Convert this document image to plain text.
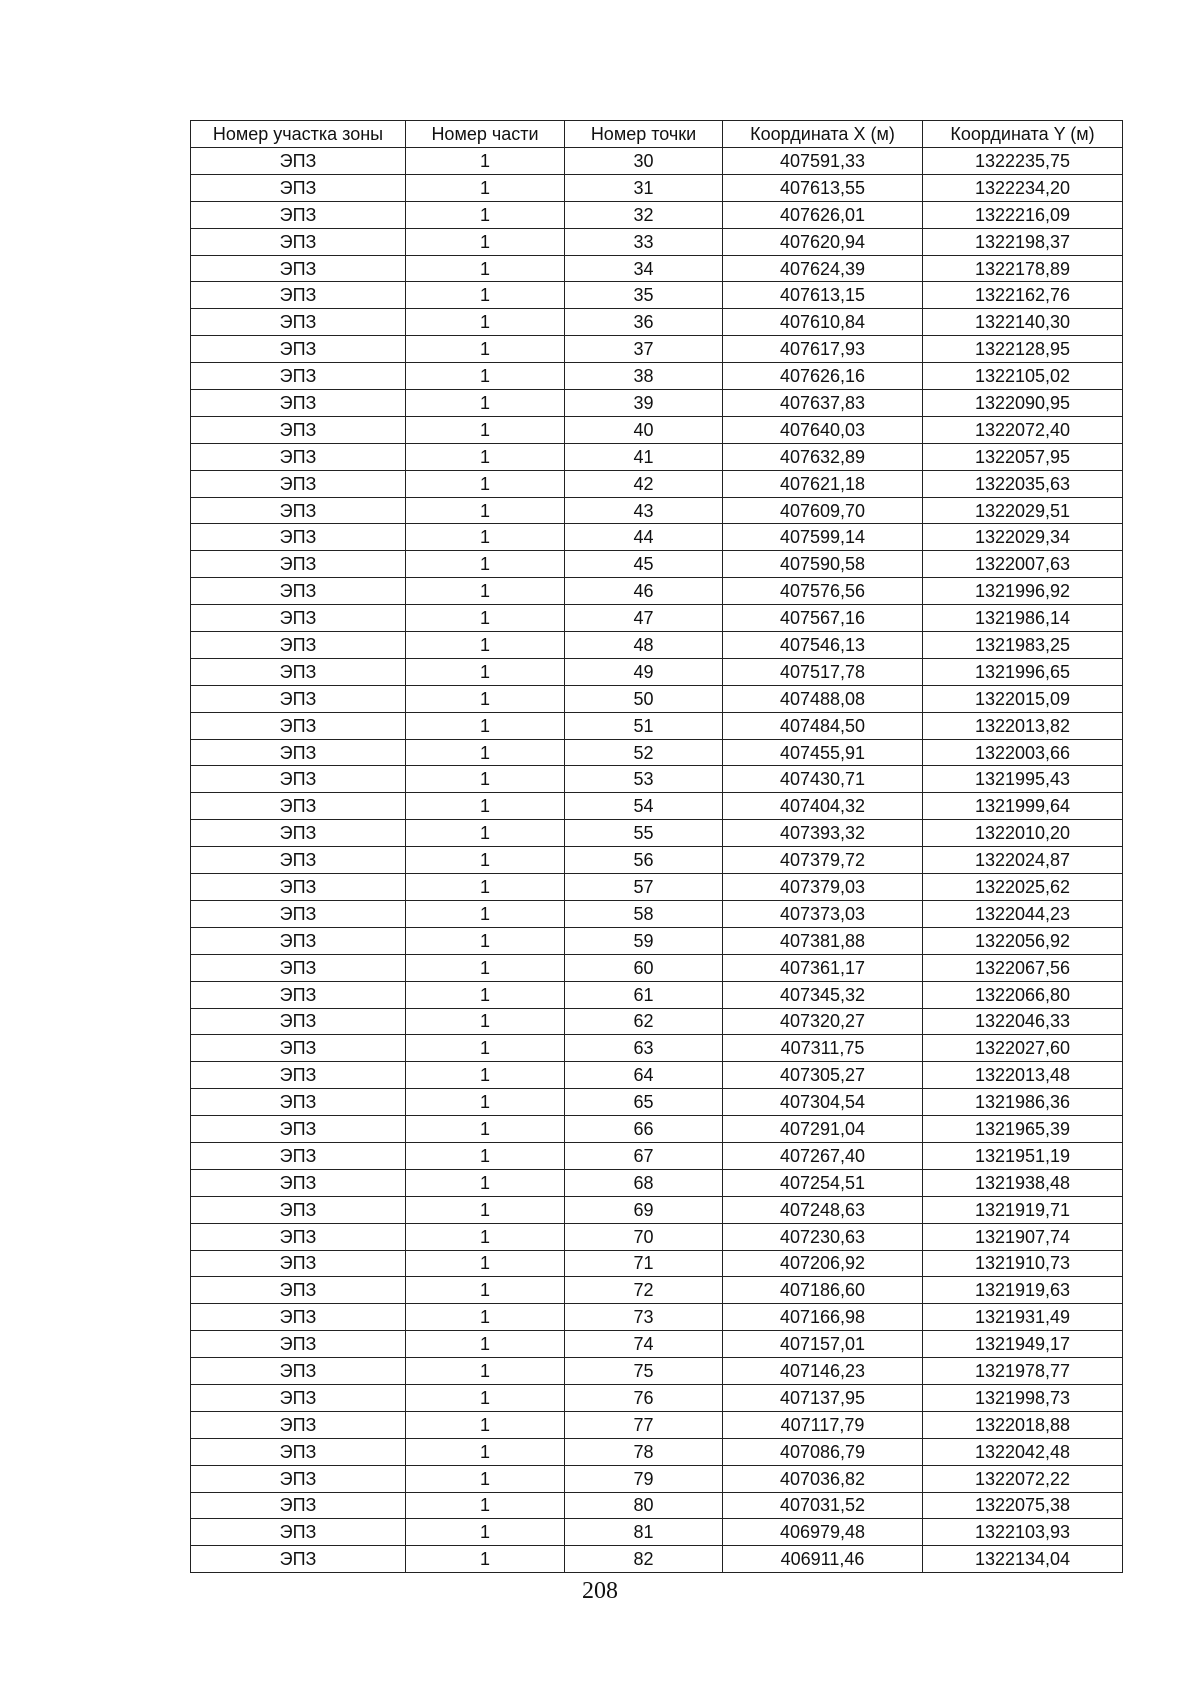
Номер участка зоны	Номер части	Номер точки	Координата X (м)	Координата Y (м)
ЭПЗ	1	30	407591,33	1322235,75
ЭПЗ	1	31	407613,55	1322234,20
ЭПЗ	1	32	407626,01	1322216,09
ЭПЗ	1	33	407620,94	1322198,37
ЭПЗ	1	34	407624,39	1322178,89
ЭПЗ	1	35	407613,15	1322162,76
ЭПЗ	1	36	407610,84	1322140,30
ЭПЗ	1	37	407617,93	1322128,95
ЭПЗ	1	38	407626,16	1322105,02
ЭПЗ	1	39	407637,83	1322090,95
ЭПЗ	1	40	407640,03	1322072,40
ЭПЗ	1	41	407632,89	1322057,95
ЭПЗ	1	42	407621,18	1322035,63
ЭПЗ	1	43	407609,70	1322029,51
ЭПЗ	1	44	407599,14	1322029,34
ЭПЗ	1	45	407590,58	1322007,63
ЭПЗ	1	46	407576,56	1321996,92
ЭПЗ	1	47	407567,16	1321986,14
ЭПЗ	1	48	407546,13	1321983,25
ЭПЗ	1	49	407517,78	1321996,65
ЭПЗ	1	50	407488,08	1322015,09
ЭПЗ	1	51	407484,50	1322013,82
ЭПЗ	1	52	407455,91	1322003,66
ЭПЗ	1	53	407430,71	1321995,43
ЭПЗ	1	54	407404,32	1321999,64
ЭПЗ	1	55	407393,32	1322010,20
ЭПЗ	1	56	407379,72	1322024,87
ЭПЗ	1	57	407379,03	1322025,62
ЭПЗ	1	58	407373,03	1322044,23
ЭПЗ	1	59	407381,88	1322056,92
ЭПЗ	1	60	407361,17	1322067,56
ЭПЗ	1	61	407345,32	1322066,80
ЭПЗ	1	62	407320,27	1322046,33
ЭПЗ	1	63	407311,75	1322027,60
ЭПЗ	1	64	407305,27	1322013,48
ЭПЗ	1	65	407304,54	1321986,36
ЭПЗ	1	66	407291,04	1321965,39
ЭПЗ	1	67	407267,40	1321951,19
ЭПЗ	1	68	407254,51	1321938,48
ЭПЗ	1	69	407248,63	1321919,71
ЭПЗ	1	70	407230,63	1321907,74
ЭПЗ	1	71	407206,92	1321910,73
ЭПЗ	1	72	407186,60	1321919,63
ЭПЗ	1	73	407166,98	1321931,49
ЭПЗ	1	74	407157,01	1321949,17
ЭПЗ	1	75	407146,23	1321978,77
ЭПЗ	1	76	407137,95	1321998,73
ЭПЗ	1	77	407117,79	1322018,88
ЭПЗ	1	78	407086,79	1322042,48
ЭПЗ	1	79	407036,82	1322072,22
ЭПЗ	1	80	407031,52	1322075,38
ЭПЗ	1	81	406979,48	1322103,93
ЭПЗ	1	82	406911,46	1322134,04
208
